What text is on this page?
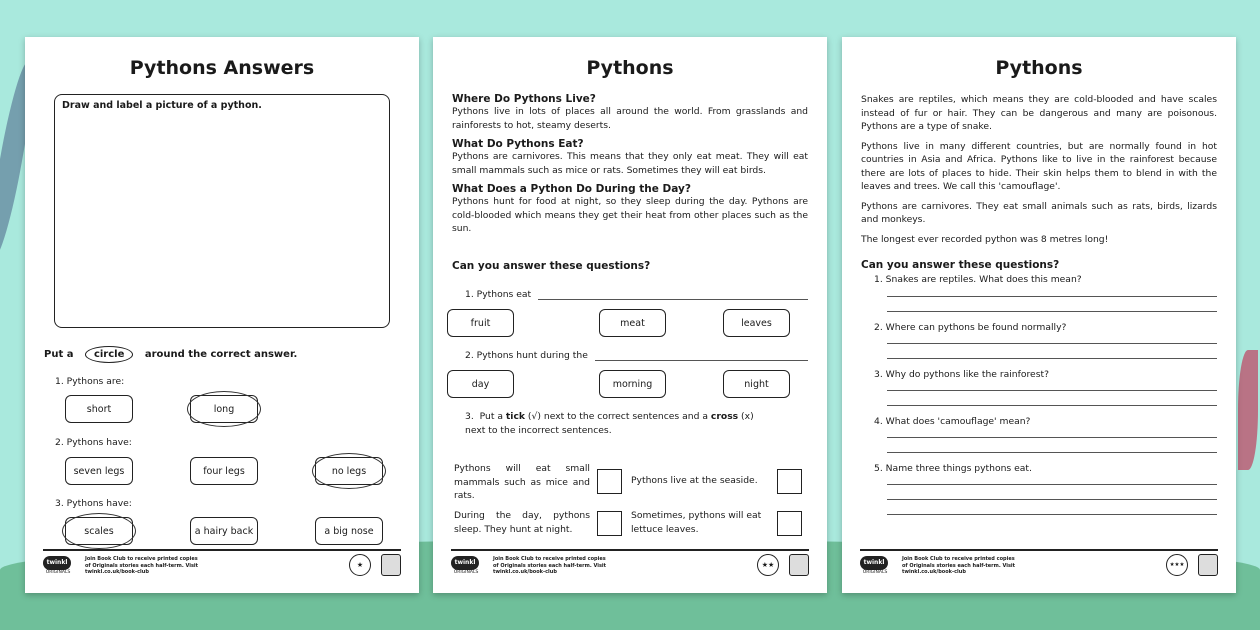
Pythons Answers
Draw and label a picture of a python.
Put a circle around the correct answer.
1. Pythons are:
short	long
2. Pythons have:
seven legs	four legs	no legs
3. Pythons have:
scales	a hairy back	a big nose
twinkl
ORIGINALS
Join Book Club to receive printed copies of Originals stories each half-term. Visit twinkl.co.uk/book-club
★
Pythons
Where Do Pythons Live?
Pythons live in lots of places all around the world. From grasslands and rainforests to hot, steamy deserts.
What Do Pythons Eat?
Pythons are carnivores. This means that they only eat meat. They will eat small mammals such as mice or rats. Sometimes they will eat birds.
What Does a Python Do During the Day?
Pythons hunt for food at night, so they sleep during the day. Pythons are cold-blooded which means they get their heat from other places such as the sun.
Can you answer these questions?
1. Pythons eat
fruit	meat	leaves
2. Pythons hunt during the
day	morning	night
3. Put a tick (√) next to the correct sentences and a cross (x) next to the incorrect sentences.
Pythons will eat small mammals such as mice and rats.
Pythons live at the seaside.
During the day, pythons sleep. They hunt at night.
Sometimes, pythons will eat lettuce leaves.
twinkl
ORIGINALS
Join Book Club to receive printed copies of Originals stories each half-term. Visit twinkl.co.uk/book-club
★★
Pythons
Snakes are reptiles, which means they are cold-blooded and have scales instead of fur or hair. They can be dangerous and many are poisonous. Pythons are a type of snake.
Pythons live in many different countries, but are normally found in hot countries in Asia and Africa. Pythons like to live in the rainforest because there are lots of places to hide. Their skin helps them to blend in with the leaves and trees. We call this 'camouflage'.
Pythons are carnivores. They eat small animals such as rats, birds, lizards and monkeys.
The longest ever recorded python was 8 metres long!
Can you answer these questions?
1. Snakes are reptiles. What does this mean?
2. Where can pythons be found normally?
3. Why do pythons like the rainforest?
4. What does 'camouflage' mean?
5. Name three things pythons eat.
twinkl
ORIGINALS
Join Book Club to receive printed copies of Originals stories each half-term. Visit twinkl.co.uk/book-club
★★★
